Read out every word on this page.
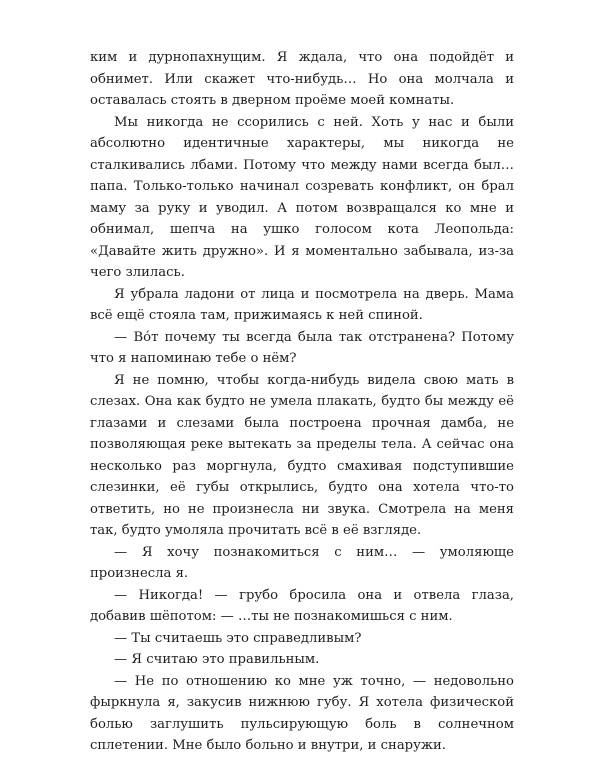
ким и дурнопахнущим. Я ждала, что она подойдёт и обнимет. Или скажет что-нибудь… Но она молчала и оставалась стоять в дверном проёме моей комнаты.

Мы никогда не ссорились с ней. Хоть у нас и были абсолютно идентичные характеры, мы никогда не сталкивались лбами. Потому что между нами всегда был… папа. Только-только начинал созревать конфликт, он брал маму за руку и уводил. А потом возвращался ко мне и обнимал, шепча на ушко голосом кота Леопольда: «Давайте жить дружно». И я моментально забывала, из-за чего злилась.

Я убрала ладони от лица и посмотрела на дверь. Мама всё ещё стояла там, прижимаясь к ней спиной.

— Во́т почему ты всегда была так отстранена? Потому что я напоминаю тебе о нём?

Я не помню, чтобы когда-нибудь видела свою мать в слезах. Она как будто не умела плакать, будто бы между её глазами и слезами была построена прочная дамба, не позволяющая реке вытекать за пределы тела. А сейчас она несколько раз моргнула, будто смахивая подступившие слезинки, её губы открылись, будто она хотела что-то ответить, но не произнесла ни звука. Смотрела на меня так, будто умоляла прочитать всё в её взгляде.

— Я хочу познакомиться с ним… — умоляюще произнесла я.

— Никогда! — грубо бросила она и отвела глаза, добавив шёпотом: — …ты не познакомишься с ним.

— Ты считаешь это справедливым?

— Я считаю это правильным.

— Не по отношению ко мне уж точно, — недовольно фыркнула я, закусив нижнюю губу. Я хотела физической болью заглушить пульсирующую боль в солнечном сплетении. Мне было больно и внутри, и снаружи.
